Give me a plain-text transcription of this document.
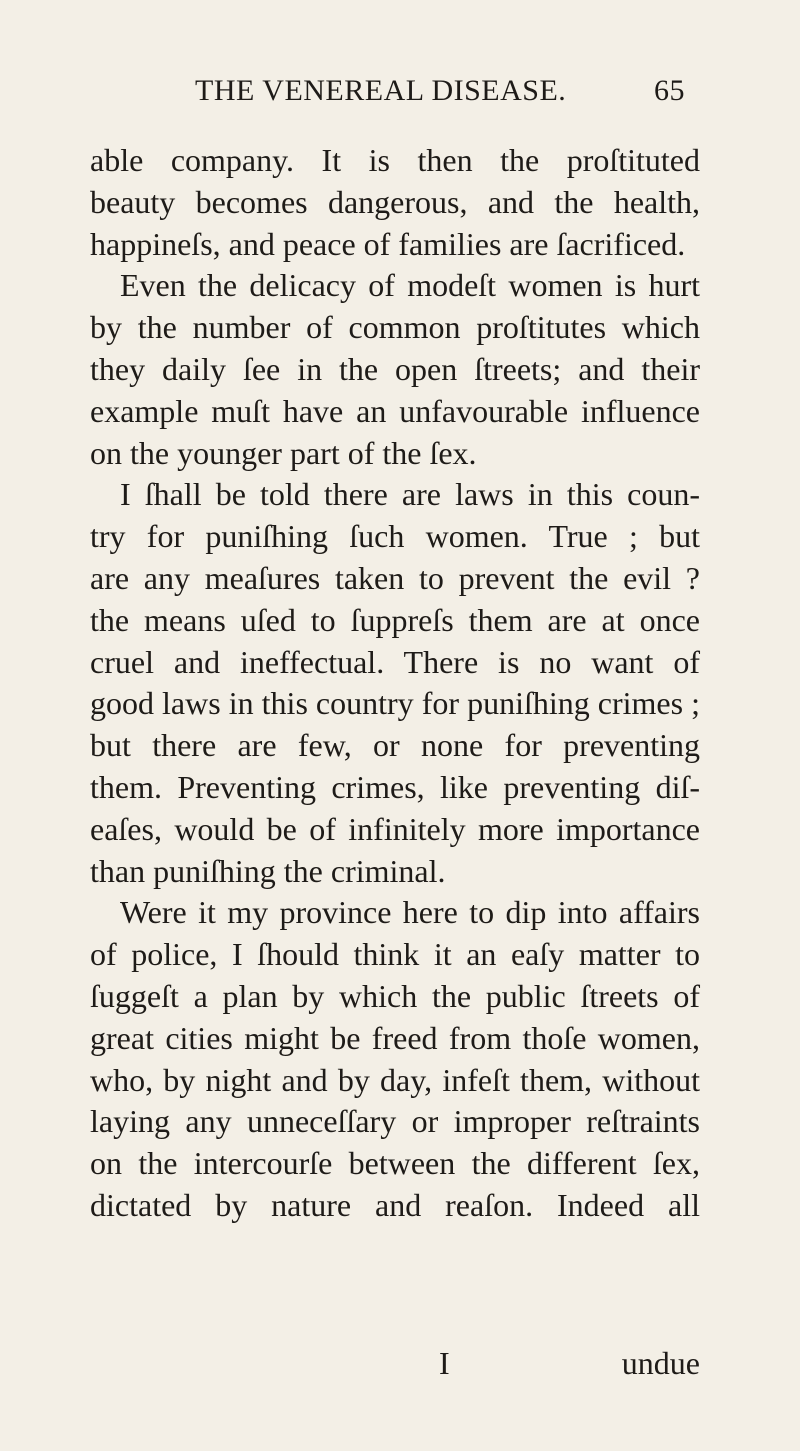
THE VENEREAL DISEASE.	65
able company. It is then the proſtituted
beauty becomes dangerous, and the health,
happineſs, and peace of families are ſacrificed.
Even the delicacy of modeſt women is hurt
by the number of common proſtitutes which
they daily ſee in the open ſtreets; and their
example muſt have an unfavourable influence
on the younger part of the ſex.
I ſhall be told there are laws in this coun-
try for puniſhing ſuch women. True ; but
are any meaſures taken to prevent the evil ?
the means uſed to ſuppreſs them are at once
cruel and ineffectual. There is no want of
good laws in this country for puniſhing crimes ;
but there are few, or none for preventing
them. Preventing crimes, like preventing diſ-
eaſes, would be of infinitely more importance
than puniſhing the criminal.
Were it my province here to dip into affairs
of police, I ſhould think it an eaſy matter to
ſuggeſt a plan by which the public ſtreets of
great cities might be freed from thoſe women,
who, by night and by day, infeſt them, without
laying any unneceſſary or improper reſtraints
on the intercourſe between the different ſex,
dictated by nature and reaſon. Indeed all
I	undue
